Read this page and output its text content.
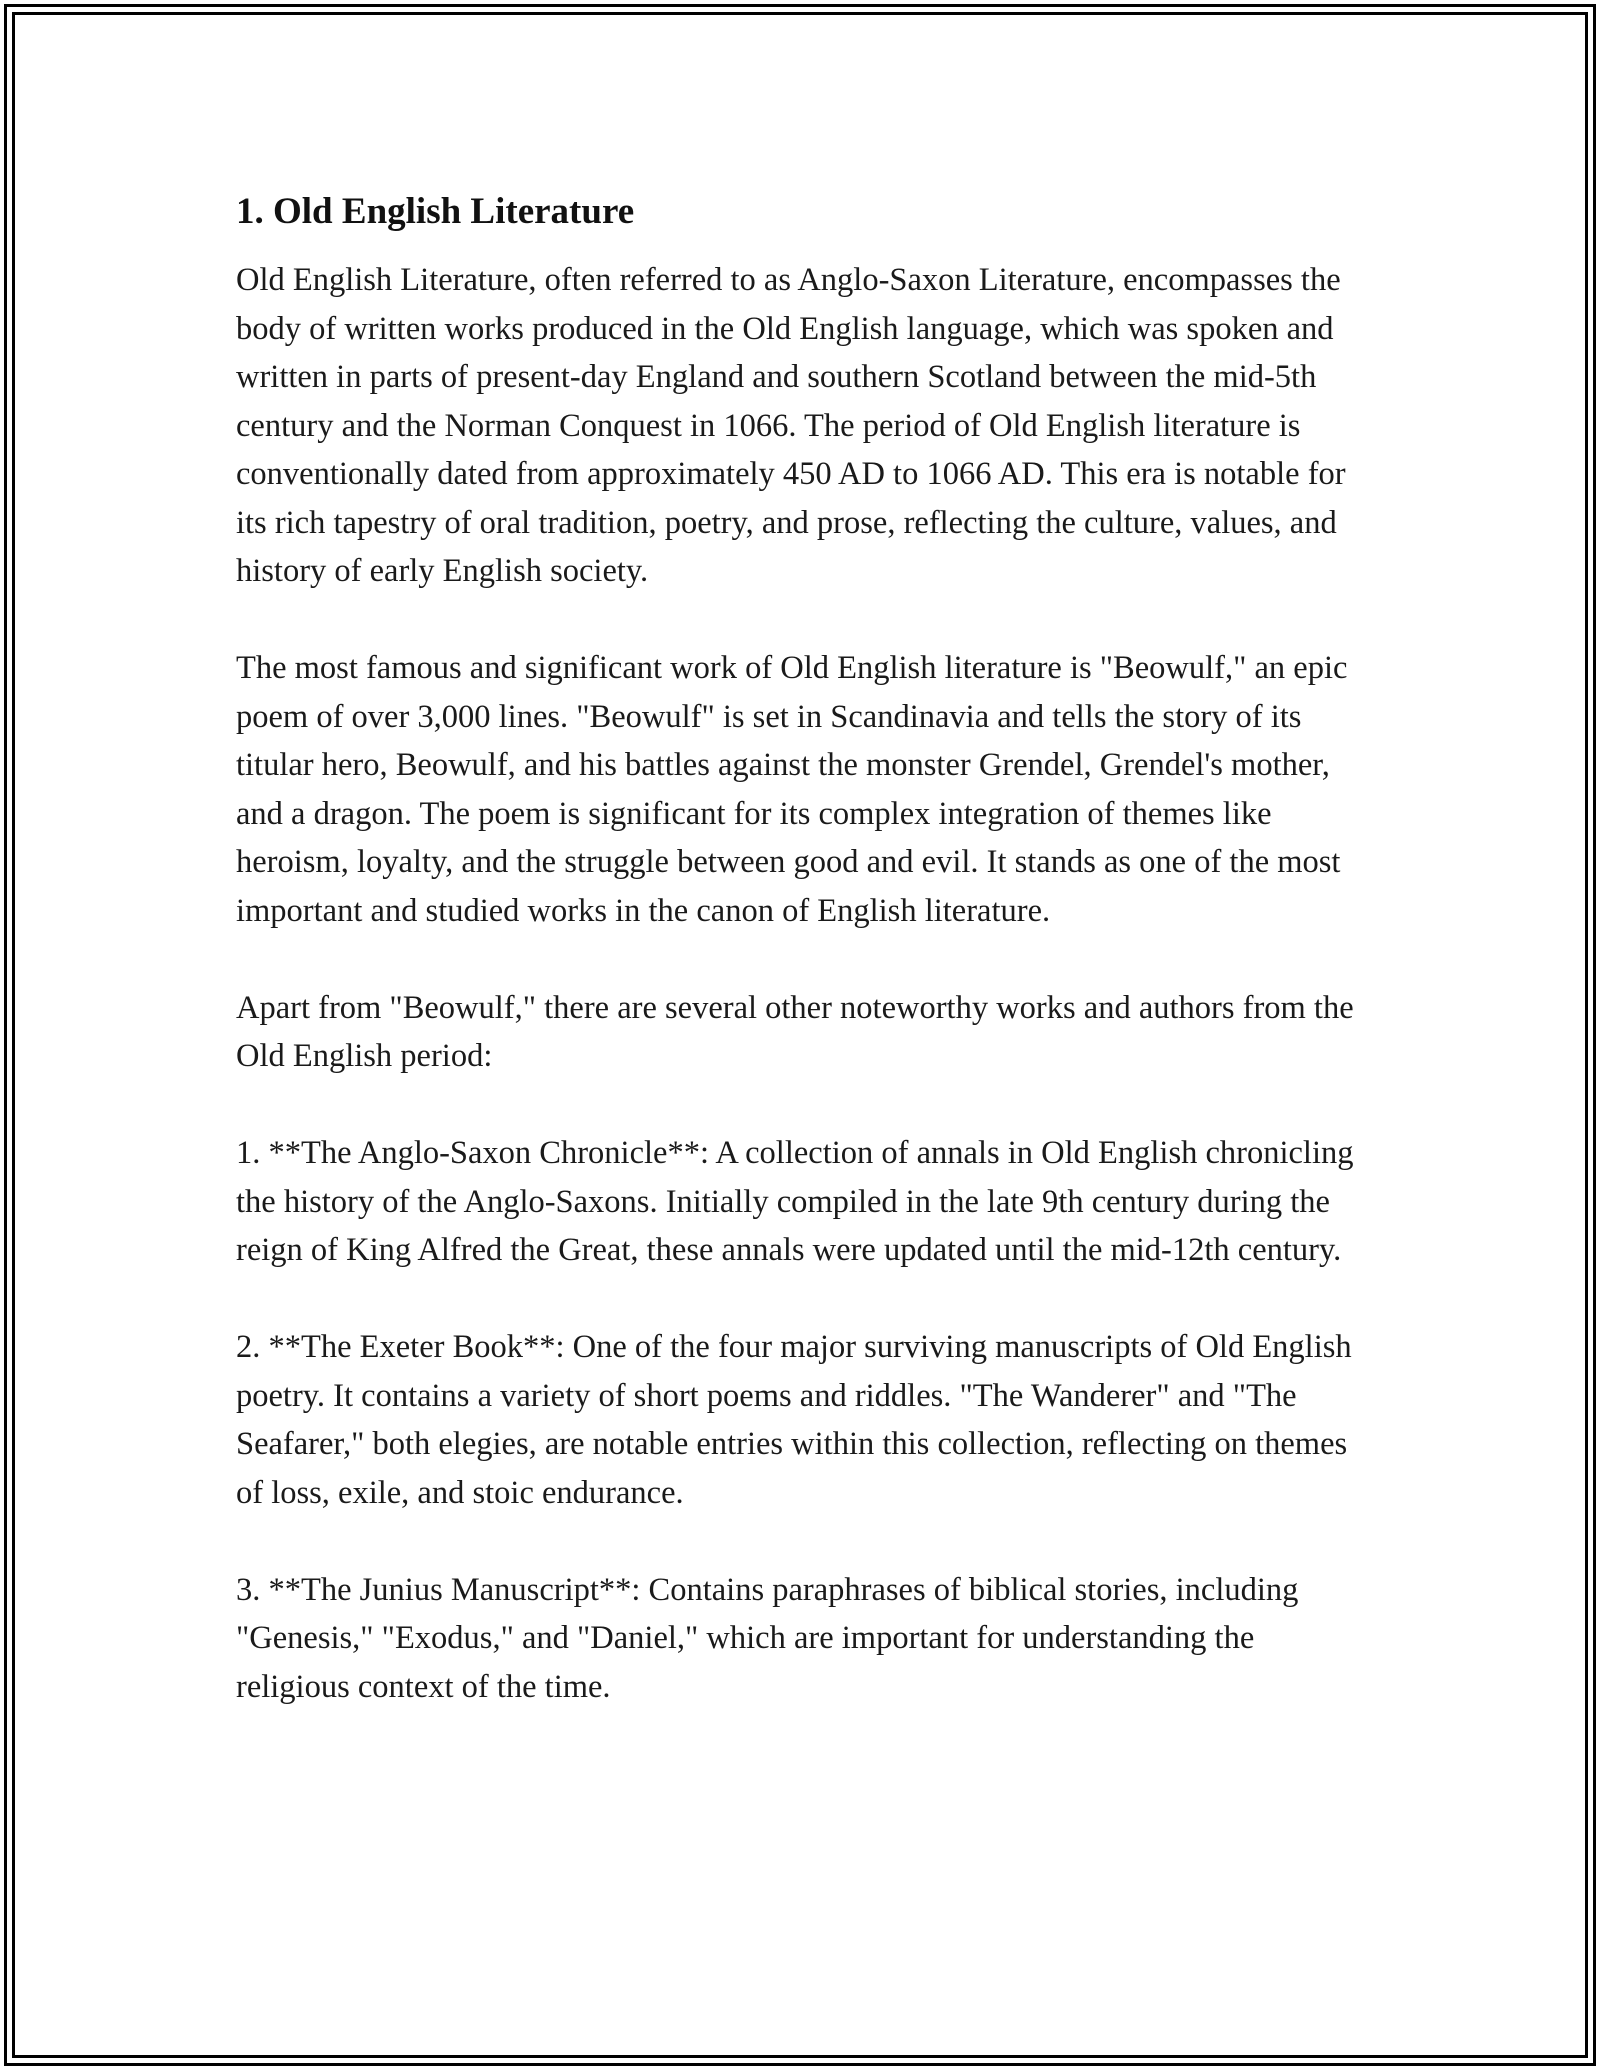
1. Old English Literature

Old English Literature, often referred to as Anglo-Saxon Literature, encompasses the body of written works produced in the Old English language, which was spoken and written in parts of present-day England and southern Scotland between the mid-5th century and the Norman Conquest in 1066. The period of Old English literature is conventionally dated from approximately 450 AD to 1066 AD. This era is notable for its rich tapestry of oral tradition, poetry, and prose, reflecting the culture, values, and history of early English society.

The most famous and significant work of Old English literature is "Beowulf," an epic poem of over 3,000 lines. "Beowulf" is set in Scandinavia and tells the story of its titular hero, Beowulf, and his battles against the monster Grendel, Grendel's mother, and a dragon. The poem is significant for its complex integration of themes like heroism, loyalty, and the struggle between good and evil. It stands as one of the most important and studied works in the canon of English literature.

Apart from "Beowulf," there are several other noteworthy works and authors from the Old English period:

1. **The Anglo-Saxon Chronicle**: A collection of annals in Old English chronicling the history of the Anglo-Saxons. Initially compiled in the late 9th century during the reign of King Alfred the Great, these annals were updated until the mid-12th century.

2. **The Exeter Book**: One of the four major surviving manuscripts of Old English poetry. It contains a variety of short poems and riddles. "The Wanderer" and "The Seafarer," both elegies, are notable entries within this collection, reflecting on themes of loss, exile, and stoic endurance.

3. **The Junius Manuscript**: Contains paraphrases of biblical stories, including "Genesis," "Exodus," and "Daniel," which are important for understanding the religious context of the time.
